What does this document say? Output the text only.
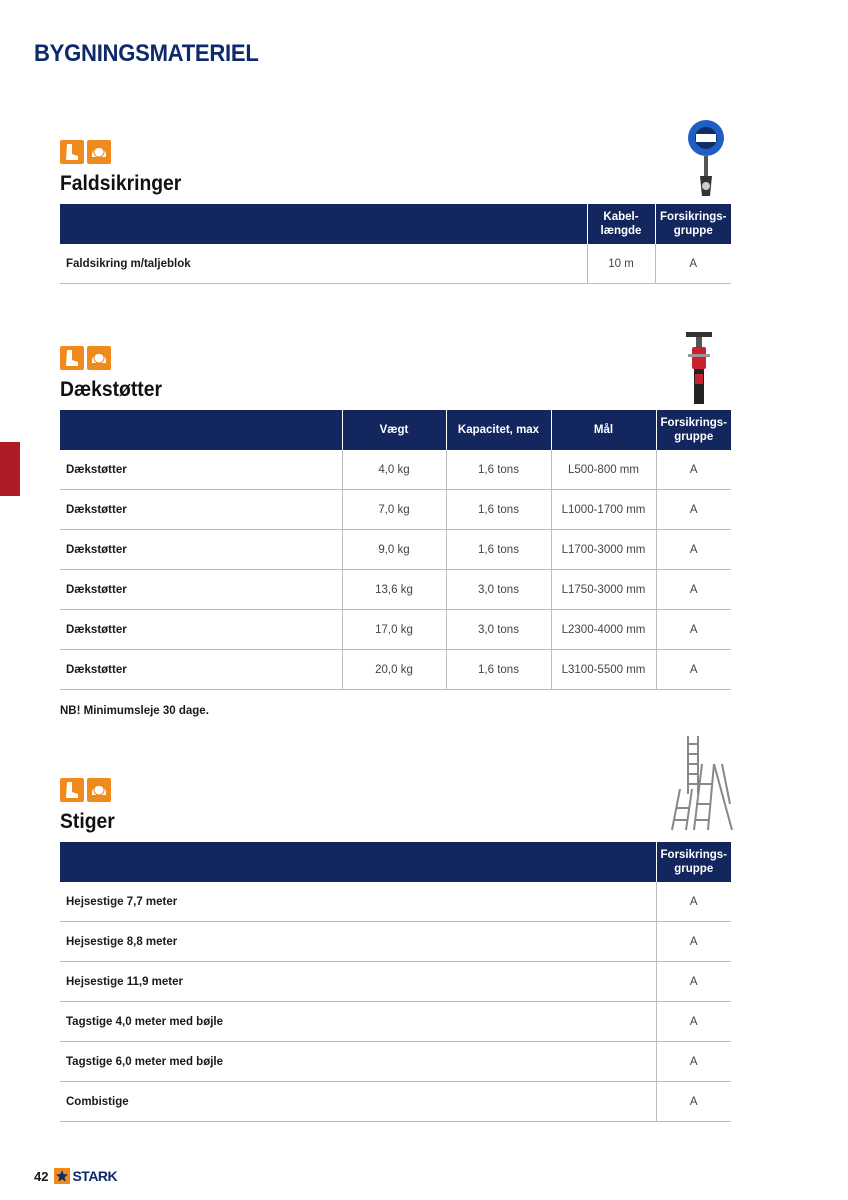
BYGNINGSMATERIEL
Faldsikringer
	Kabel-
længde	Forsikrings-
gruppe
Faldsikring m/taljeblok	10 m	A
Dækstøtter
	Vægt	Kapacitet, max	Mål	Forsikrings-
gruppe
Dækstøtter	4,0 kg	1,6 tons	L500-800 mm	A
Dækstøtter	7,0 kg	1,6 tons	L1000-1700 mm	A
Dækstøtter	9,0 kg	1,6 tons	L1700-3000 mm	A
Dækstøtter	13,6 kg	3,0 tons	L1750-3000 mm	A
Dækstøtter	17,0 kg	3,0 tons	L2300-4000 mm	A
Dækstøtter	20,0 kg	1,6 tons	L3100-5500 mm	A
NB! Minimumsleje 30 dage.
Stiger
	Forsikrings-
gruppe
Hejsestige 7,7 meter	A
Hejsestige 8,8 meter	A
Hejsestige 11,9 meter	A
Tagstige 4,0 meter med bøjle	A
Tagstige 6,0 meter med bøjle	A
Combistige	A
42 STARK
